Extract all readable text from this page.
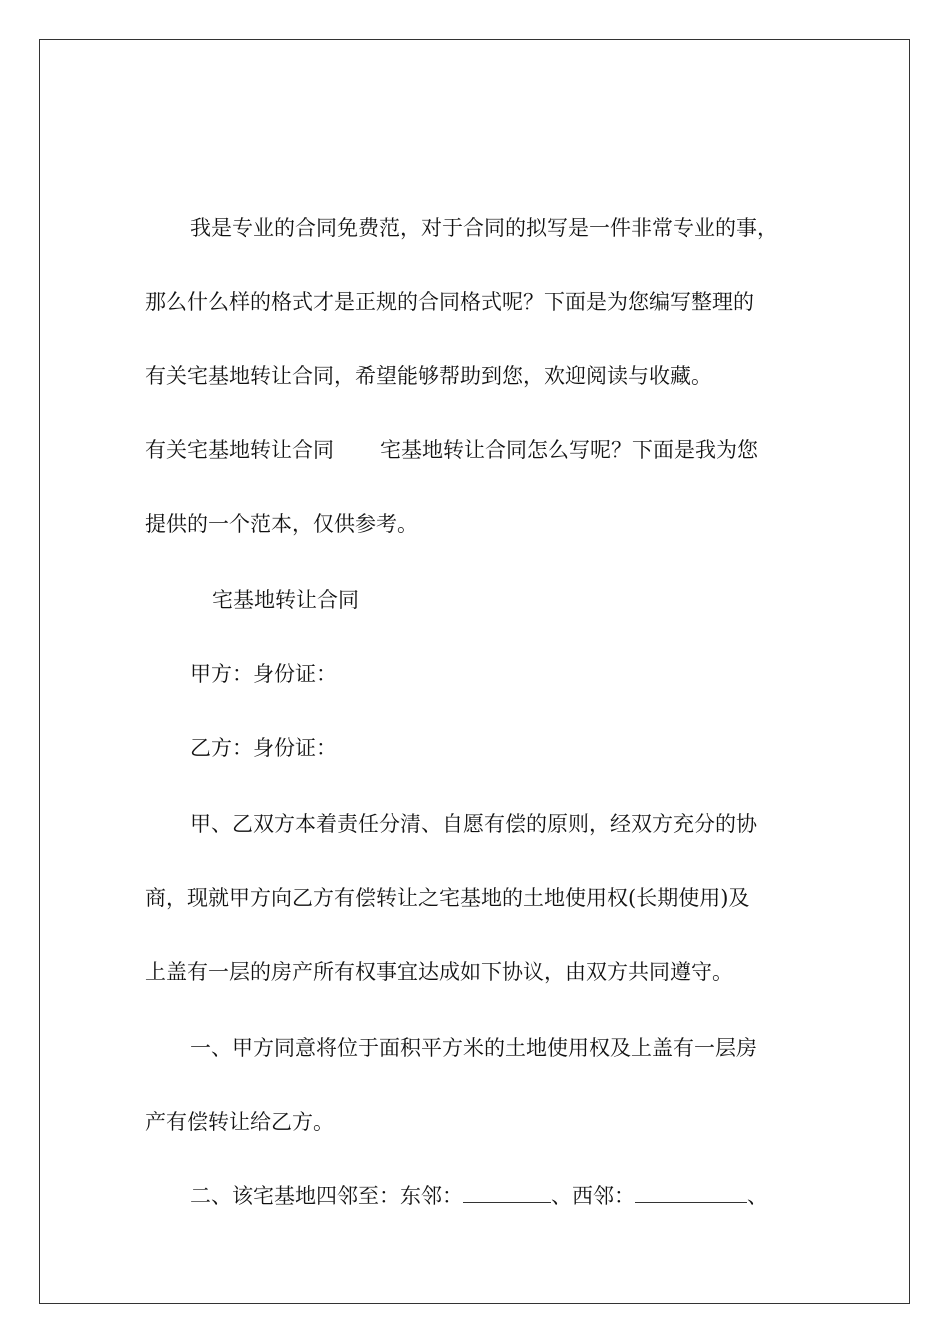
我是专业的合同免费范，对于合同的拟写是一件非常专业的事，
那么什么样的格式才是正规的合同格式呢？下面是为您编写整理的
有关宅基地转让合同，希望能够帮助到您，欢迎阅读与收藏。
有关宅基地转让合同 宅基地转让合同怎么写呢？下面是我为您
提供的一个范本，仅供参考。
宅基地转让合同
甲方：身份证：
乙方：身份证：
甲、乙双方本着责任分清、自愿有偿的原则，经双方充分的协
商，现就甲方向乙方有偿转让之宅基地的土地使用权(长期使用)及
上盖有一层的房产所有权事宜达成如下协议，由双方共同遵守。
一、甲方同意将位于面积平方米的土地使用权及上盖有一层房
产有偿转让给乙方。
二、该宅基地四邻至：东邻：	、西邻：	、
